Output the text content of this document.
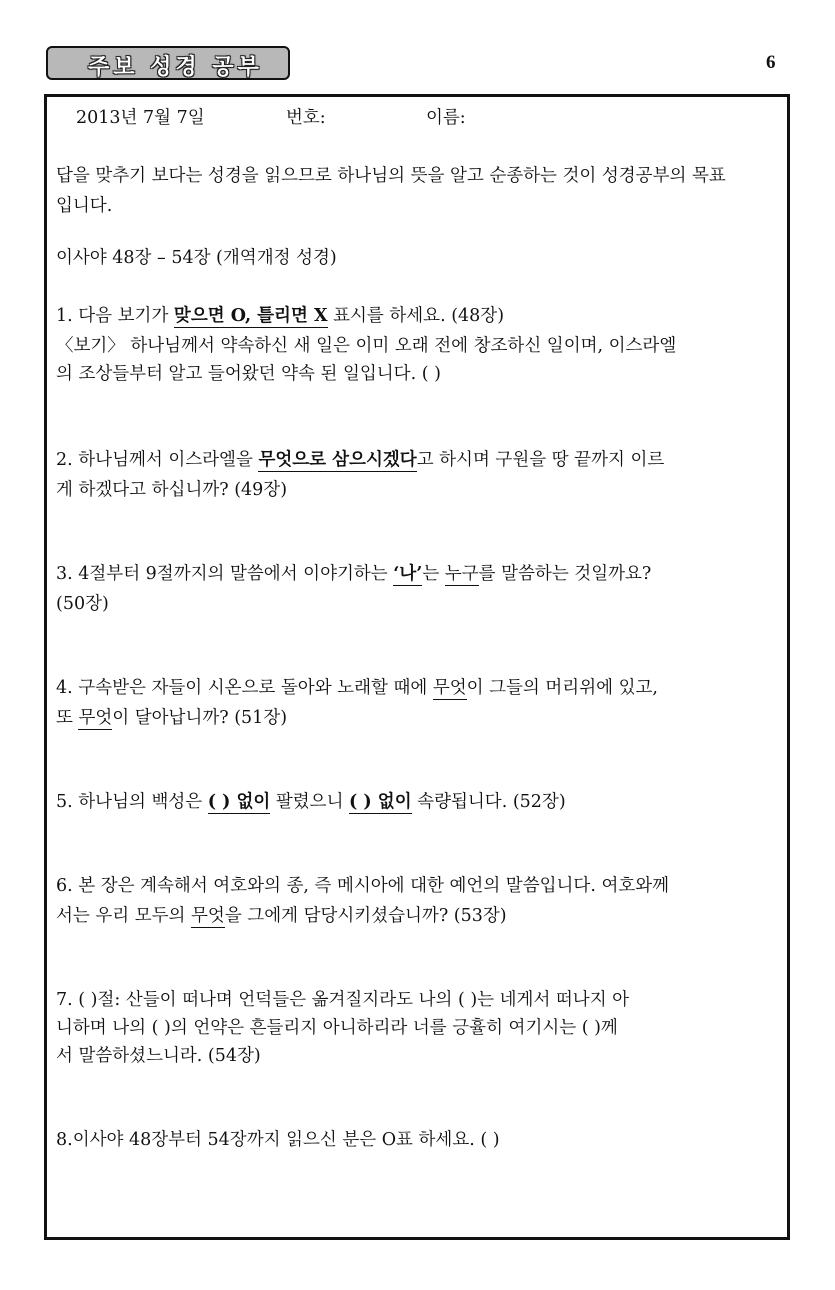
주보 성경 공부	6
2013년 7월 7일	번호:	이름:
답을 맞추기 보다는 성경을 읽으므로 하나님의 뜻을 알고 순종하는 것이 성경공부의 목표
입니다.
이사야 48장 – 54장 (개역개정 성경)
1. 다음 보기가 맞으면 O, 틀리면 X 표시를 하세요. (48장)
〈보기〉 하나님께서 약속하신 새 일은 이미 오래 전에 창조하신 일이며, 이스라엘
의 조상들부터 알고 들어왔던 약속 된 일입니다. ( )
2. 하나님께서 이스라엘을 무엇으로 삼으시겠다고 하시며 구원을 땅 끝까지 이르
게 하겠다고 하십니까? (49장)
3. 4절부터 9절까지의 말씀에서 이야기하는 ‘나’는 누구를 말씀하는 것일까요?
(50장)
4. 구속받은 자들이 시온으로 돌아와 노래할 때에 무엇이 그들의 머리위에 있고,
또 무엇이 달아납니까? (51장)
5. 하나님의 백성은 ( ) 없이 팔렸으니 ( ) 없이 속량됩니다. (52장)
6. 본 장은 계속해서 여호와의 종, 즉 메시아에 대한 예언의 말씀입니다. 여호와께
서는 우리 모두의 무엇을 그에게 담당시키셨습니까? (53장)
7. ( )절: 산들이 떠나며 언덕들은 옮겨질지라도 나의 ( )는 네게서 떠나지 아
니하며 나의 ( )의 언약은 흔들리지 아니하리라 너를 긍휼히 여기시는 ( )께
서 말씀하셨느니라. (54장)
8.이사야 48장부터 54장까지 읽으신 분은 O표 하세요. ( )
